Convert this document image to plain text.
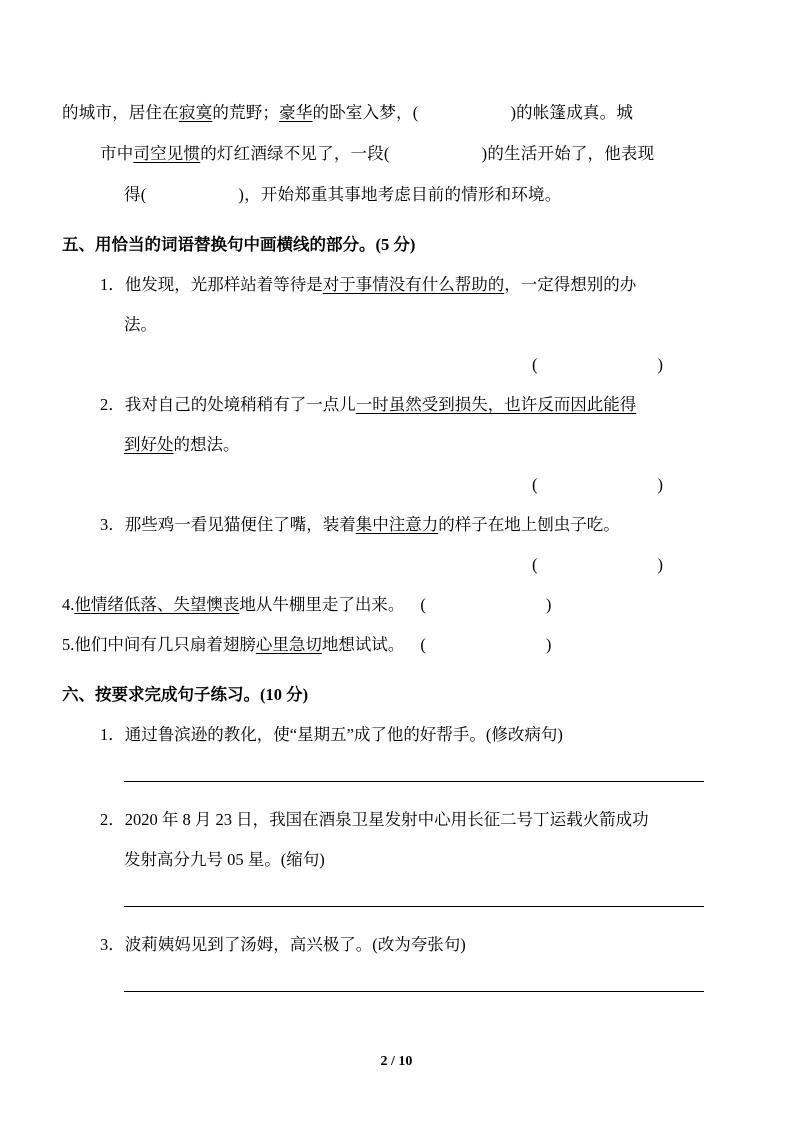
的城市，居住在寂寞的荒野；豪华的卧室入梦，(	)的帐篷成真。城
市中司空见惯的灯红酒绿不见了，一段(	)的生活开始了，他表现
得(	)，开始郑重其事地考虑目前的情形和环境。
五、用恰当的词语替换句中画横线的部分。(5 分)
1．他发现，光那样站着等待是对于事情没有什么帮助的，一定得想别的办
法。
(	)
2．我对自己的处境稍稍有了一点儿一时虽然受到损失，也许反而因此能得
到好处的想法。
(	)
3．那些鸡一看见猫便住了嘴，装着集中注意力的样子在地上刨虫子吃。
(	)
4.他情绪低落、失望懊丧地从牛棚里走了出来。 (	)
5.他们中间有几只扇着翅膀心里急切地想试试。 (	)
六、按要求完成句子练习。(10 分)
1．通过鲁滨逊的教化，使“星期五”成了他的好帮手。(修改病句)
2．2020 年 8 月 23 日，我国在酒泉卫星发射中心用长征二号丁运载火箭成功
发射高分九号 05 星。(缩句)
3．波莉姨妈见到了汤姆，高兴极了。(改为夸张句)
2 / 10
